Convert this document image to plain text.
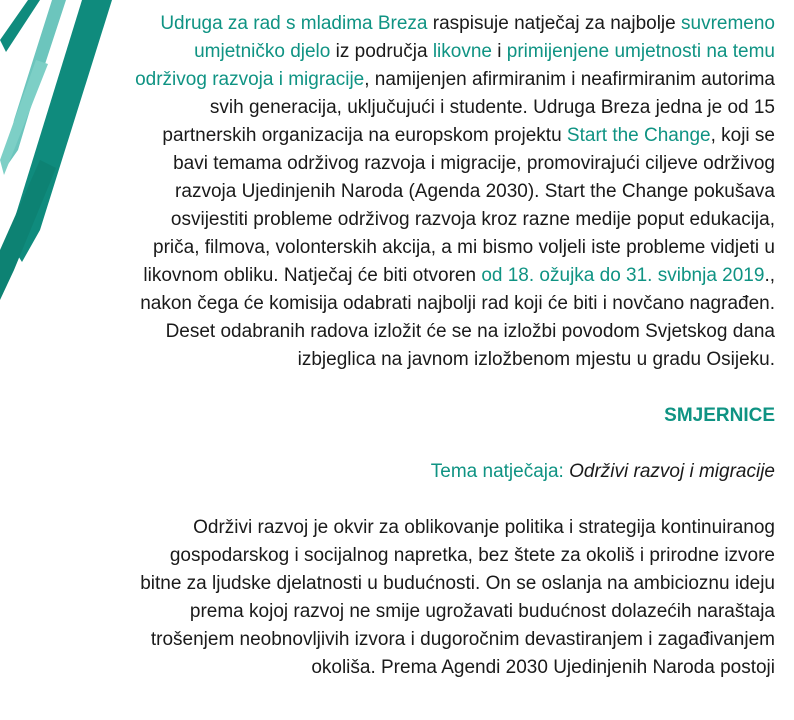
Udruga za rad s mladima Breza raspisuje natječaj za najbolje suvremeno umjetničko djelo iz područja likovne i primijenjene umjetnosti na temu održivog razvoja i migracije, namijenjen afirmiranim i neafirmiranim autorima svih generacija, uključujući i studente. Udruga Breza jedna je od 15 partnerskih organizacija na europskom projektu Start the Change, koji se bavi temama održivog razvoja i migracije, promovirajući ciljeve održivog razvoja Ujedinjenih Naroda (Agenda 2030). Start the Change pokušava osvijestiti probleme održivog razvoja kroz razne medije poput edukacija, priča, filmova, volonterskih akcija, a mi bismo voljeli iste probleme vidjeti u likovnom obliku. Natječaj će biti otvoren od 18. ožujka do 31. svibnja 2019., nakon čega će komisija odabrati najbolji rad koji će biti i novčano nagrađen. Deset odabranih radova izložit će se na izložbi povodom Svjetskog dana izbjeglica na javnom izložbenom mjestu u gradu Osijeku.

SMJERNICE

Tema natječaja: Održivi razvoj i migracije

Održivi razvoj je okvir za oblikovanje politika i strategija kontinuiranog gospodarskog i socijalnog napretka, bez štete za okoliš i prirodne izvore bitne za ljudske djelatnosti u budućnosti. On se oslanja na ambicioznu ideju prema kojoj razvoj ne smije ugrožavati budućnost dolazećih naraštaja trošenjem neobnovljivih izvora i dugoročnim devastiranjem i zagađivanjem okoliša. Prema Agendi 2030 Ujedinjenih Naroda postoji
